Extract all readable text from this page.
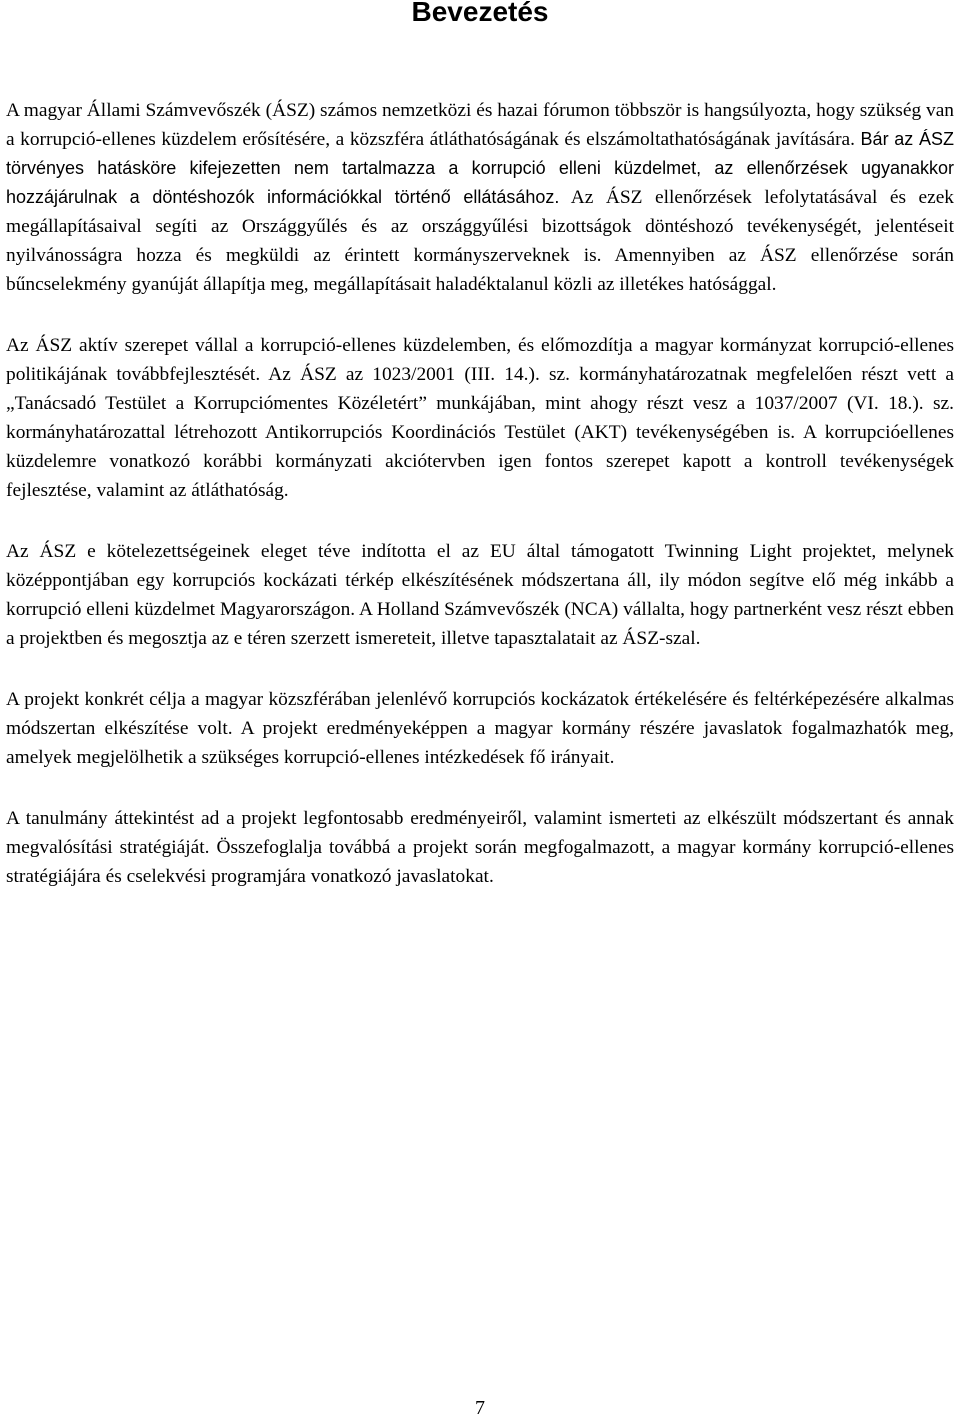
Bevezetés

A magyar Állami Számvevőszék (ÁSZ) számos nemzetközi és hazai fórumon többször is hangsúlyozta, hogy szükség van a korrupció-ellenes küzdelem erősítésére, a közszféra átláthatóságának és elszámoltathatóságának javítására. Bár az ÁSZ törvényes hatásköre kifejezetten nem tartalmazza a korrupció elleni küzdelmet, az ellenőrzések ugyanakkor hozzájárulnak a döntéshozók információkkal történő ellátásához. Az ÁSZ ellenőrzések lefolytatásával és ezek megállapításaival segíti az Országgyűlés és az országgyűlési bizottságok döntéshozó tevékenységét, jelentéseit nyilvánosságra hozza és megküldi az érintett kormányszerveknek is. Amennyiben az ÁSZ ellenőrzése során bűncselekmény gyanúját állapítja meg, megállapításait haladéktalanul közli az illetékes hatósággal.

Az ÁSZ aktív szerepet vállal a korrupció-ellenes küzdelemben, és előmozdítja a magyar kormányzat korrupció-ellenes politikájának továbbfejlesztését. Az ÁSZ az 1023/2001 (III. 14.). sz. kormányhatározatnak megfelelően részt vett a „Tanácsadó Testület a Korrupciómentes Közéletért” munkájában, mint ahogy részt vesz a 1037/2007 (VI. 18.). sz. kormányhatározattal létrehozott Antikorrupciós Koordinációs Testület (AKT) tevékenységében is. A korrupcióellenes küzdelemre vonatkozó korábbi kormányzati akciótervben igen fontos szerepet kapott a kontroll tevékenységek fejlesztése, valamint az átláthatóság.

Az ÁSZ e kötelezettségeinek eleget téve indította el az EU által támogatott Twinning Light projektet, melynek középpontjában egy korrupciós kockázati térkép elkészítésének módszertana áll, ily módon segítve elő még inkább a korrupció elleni küzdelmet Magyarországon. A Holland Számvevőszék (NCA) vállalta, hogy partnerként vesz részt ebben a projektben és megosztja az e téren szerzett ismereteit, illetve tapasztalatait az ÁSZ-szal.

A projekt konkrét célja a magyar közszférában jelenlévő korrupciós kockázatok értékelésére és feltérképezésére alkalmas módszertan elkészítése volt. A projekt eredményeképpen a magyar kormány részére javaslatok fogalmazhatók meg, amelyek megjelölhetik a szükséges korrupció-ellenes intézkedések fő irányait.

A tanulmány áttekintést ad a projekt legfontosabb eredményeiről, valamint ismerteti az elkészült módszertant és annak megvalósítási stratégiáját. Összefoglalja továbbá a projekt során megfogalmazott, a magyar kormány korrupció-ellenes stratégiájára és cselekvési programjára vonatkozó javaslatokat.

7
